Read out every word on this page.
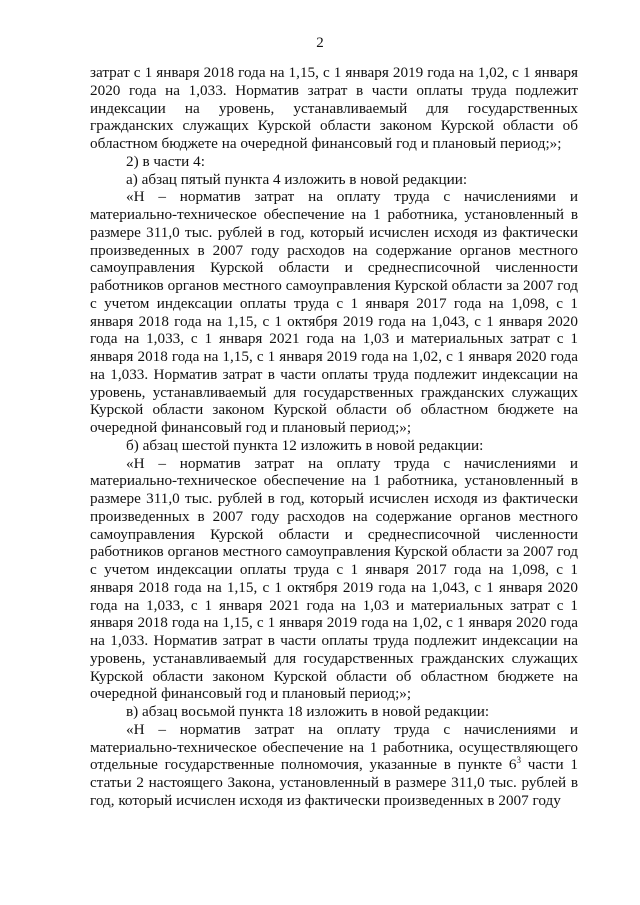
2

затрат с 1 января 2018 года на 1,15, с 1 января 2019 года на 1,02, с 1 января 2020 года на 1,033. Норматив затрат в части оплаты труда подлежит индексации на уровень, устанавливаемый для государственных гражданских служащих Курской области законом Курской области об областном бюджете на очередной финансовый год и плановый период;»;

2) в части 4:

а) абзац пятый пункта 4 изложить в новой редакции:

«Н – норматив затрат на оплату труда с начислениями и материально-техническое обеспечение на 1 работника, установленный в размере 311,0 тыс. рублей в год, который исчислен исходя из фактически произведенных в 2007 году расходов на содержание органов местного самоуправления Курской области и среднесписочной численности работников органов местного самоуправления Курской области за 2007 год с учетом индексации оплаты труда с 1 января 2017 года на 1,098, с 1 января 2018 года на 1,15, с 1 октября 2019 года на 1,043, с 1 января 2020 года на 1,033, с 1 января 2021 года на 1,03 и материальных затрат с 1 января 2018 года на 1,15, с 1 января 2019 года на 1,02, с 1 января 2020 года на 1,033. Норматив затрат в части оплаты труда подлежит индексации на уровень, устанавливаемый для государственных гражданских служащих Курской области законом Курской области об областном бюджете на очередной финансовый год и плановый период;»;

б) абзац шестой пункта 12 изложить в новой редакции:

«Н – норматив затрат на оплату труда с начислениями и материально-техническое обеспечение на 1 работника, установленный в размере 311,0 тыс. рублей в год, который исчислен исходя из фактически произведенных в 2007 году расходов на содержание органов местного самоуправления Курской области и среднесписочной численности работников органов местного самоуправления Курской области за 2007 год с учетом индексации оплаты труда с 1 января 2017 года на 1,098, с 1 января 2018 года на 1,15, с 1 октября 2019 года на 1,043, с 1 января 2020 года на 1,033, с 1 января 2021 года на 1,03 и материальных затрат с 1 января 2018 года на 1,15, с 1 января 2019 года на 1,02, с 1 января 2020 года на 1,033. Норматив затрат в части оплаты труда подлежит индексации на уровень, устанавливаемый для государственных гражданских служащих Курской области законом Курской области об областном бюджете на очередной финансовый год и плановый период;»;

в) абзац восьмой пункта 18 изложить в новой редакции:

«Н – норматив затрат на оплату труда с начислениями и материально-техническое обеспечение на 1 работника, осуществляющего отдельные государственные полномочия, указанные в пункте $6^3$ части 1 статьи 2 настоящего Закона, установленный в размере 311,0 тыс. рублей в год, который исчислен исходя из фактически произведенных в 2007 году
